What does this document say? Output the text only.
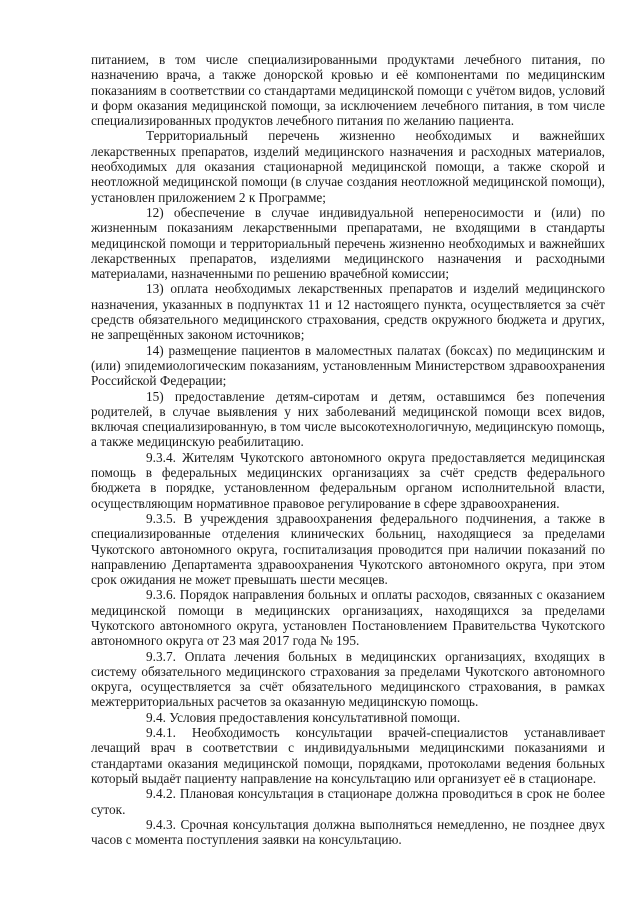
питанием, в том числе специализированными продуктами лечебного питания, по назначению врача, а также донорской кровью и её компонентами по медицинским показаниям в соответствии со стандартами медицинской помощи с учётом видов, условий и форм оказания медицинской помощи, за исключением лечебного питания, в том числе специализированных продуктов лечебного питания по желанию пациента.

Территориальный перечень жизненно необходимых и важнейших лекарственных препаратов, изделий медицинского назначения и расходных материалов, необходимых для оказания стационарной медицинской помощи, а также скорой и неотложной медицинской помощи (в случае создания неотложной медицинской помощи), установлен приложением 2 к Программе;

12) обеспечение в случае индивидуальной непереносимости и (или) по жизненным показаниям лекарственными препаратами, не входящими в стандарты медицинской помощи и территориальный перечень жизненно необходимых и важнейших лекарственных препаратов, изделиями медицинского назначения и расходными материалами, назначенными по решению врачебной комиссии;

13) оплата необходимых лекарственных препаратов и изделий медицинского назначения, указанных в подпунктах 11 и 12 настоящего пункта, осуществляется за счёт средств обязательного медицинского страхования, средств окружного бюджета и других, не запрещённых законом источников;

14) размещение пациентов в маломестных палатах (боксах) по медицинским и (или) эпидемиологическим показаниям, установленным Министерством здравоохранения Российской Федерации;

15) предоставление детям-сиротам и детям, оставшимся без попечения родителей, в случае выявления у них заболеваний медицинской помощи всех видов, включая специализированную, в том числе высокотехнологичную, медицинскую помощь, а также медицинскую реабилитацию.

9.3.4. Жителям Чукотского автономного округа предоставляется медицинская помощь в федеральных медицинских организациях за счёт средств федерального бюджета в порядке, установленном федеральным органом исполнительной власти, осуществляющим нормативное правовое регулирование в сфере здравоохранения.

9.3.5. В учреждения здравоохранения федерального подчинения, а также в специализированные отделения клинических больниц, находящиеся за пределами Чукотского автономного округа, госпитализация проводится при наличии показаний по направлению Департамента здравоохранения Чукотского автономного округа, при этом срок ожидания не может превышать шести месяцев.

9.3.6. Порядок направления больных и оплаты расходов, связанных с оказанием медицинской помощи в медицинских организациях, находящихся за пределами Чукотского автономного округа, установлен Постановлением Правительства Чукотского автономного округа от 23 мая 2017 года № 195.

9.3.7. Оплата лечения больных в медицинских организациях, входящих в систему обязательного медицинского страхования за пределами Чукотского автономного округа, осуществляется за счёт обязательного медицинского страхования, в рамках межтерриториальных расчетов за оказанную медицинскую помощь.

9.4. Условия предоставления консультативной помощи.

9.4.1. Необходимость консультации врачей-специалистов устанавливает лечащий врач в соответствии с индивидуальными медицинскими показаниями и стандартами оказания медицинской помощи, порядками, протоколами ведения больных который выдаёт пациенту направление на консультацию или организует её в стационаре.

9.4.2. Плановая консультация в стационаре должна проводиться в срок не более суток.

9.4.3. Срочная консультация должна выполняться немедленно, не позднее двух часов с момента поступления заявки на консультацию.
